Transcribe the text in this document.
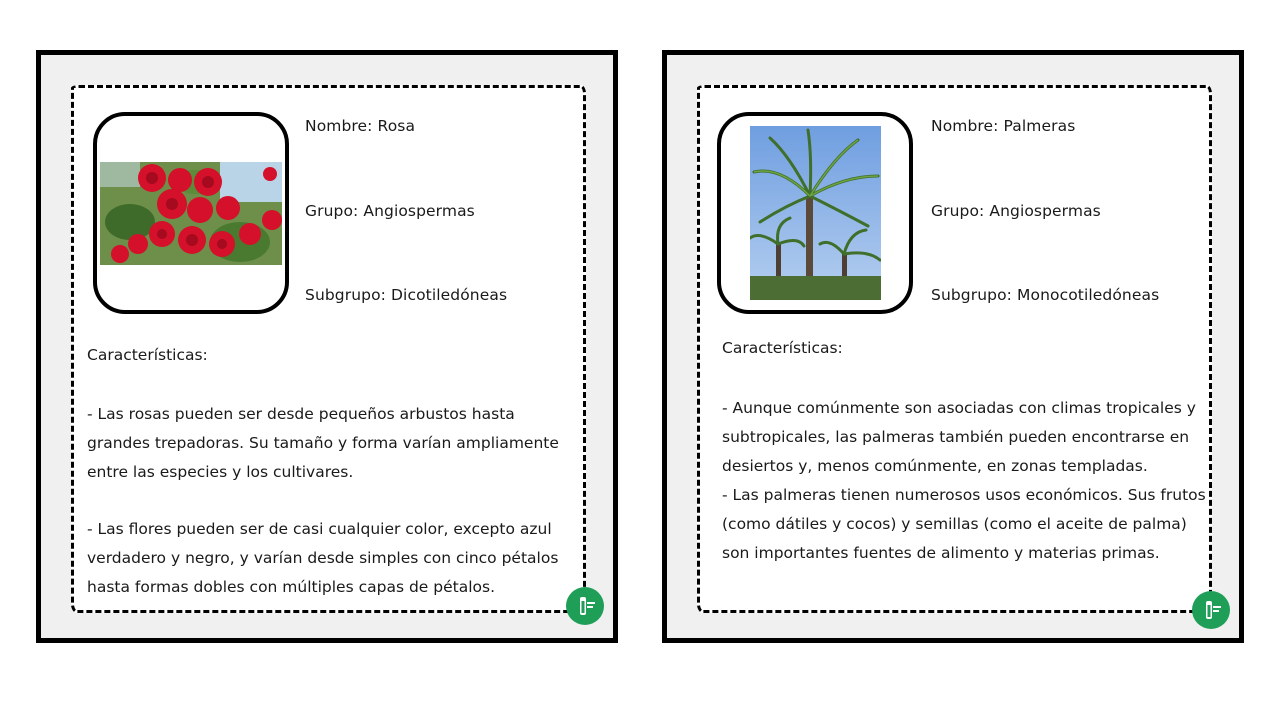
Nombre: Rosa
Grupo: Angiospermas
Subgrupo: Dicotiledóneas
Características:

- Las rosas pueden ser desde pequeños arbustos hasta grandes trepadoras. Su tamaño y forma varían ampliamente entre las especies y los cultivares.

- Las flores pueden ser de casi cualquier color, excepto azul verdadero y negro, y varían desde simples con cinco pétalos hasta formas dobles con múltiples capas de pétalos.

Nombre: Palmeras
Grupo: Angiospermas
Subgrupo: Monocotiledóneas
Características:

- Aunque comúnmente son asociadas con climas tropicales y subtropicales, las palmeras también pueden encontrarse en desiertos y, menos comúnmente, en zonas templadas.

- Las palmeras tienen numerosos usos económicos. Sus frutos (como dátiles y cocos) y semillas (como el aceite de palma) son importantes fuentes de alimento y materias primas.
